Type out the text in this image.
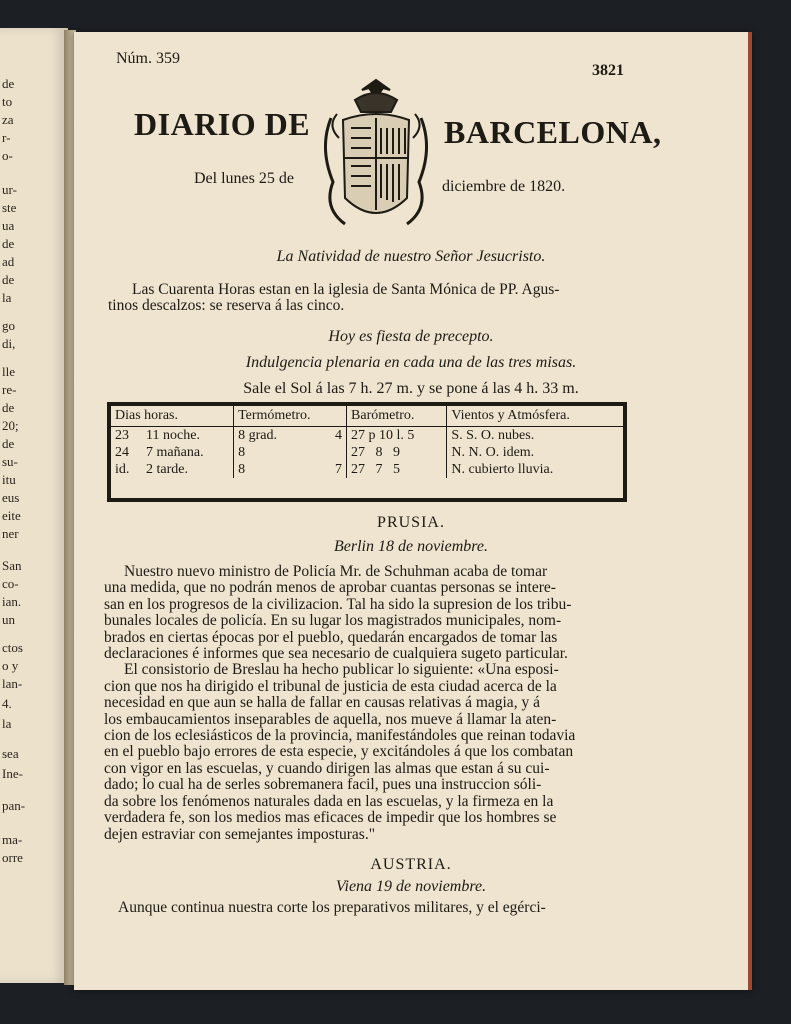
de
to
za
r-
o-
ur-
ste
ua
de
ad
de
la
go
di,
lle
re-
de
20;
de
su-
itu
eus
eite
ner
San
co-
ian.
un
ctos
o y
lan-
4.
la
sea
Ine-
pan-
ma-
orre
Núm. 359
3821
DIARIO DE	BARCELONA,
Del lunes 25 de	diciembre de 1820.
La Natividad de nuestro Señor Jesucristo.
Las Cuarenta Horas estan en la iglesia de Santa Mónica de PP. Agus-
tinos descalzos: se reserva á las cinco.
Hoy es fiesta de precepto.
Indulgencia plenaria en cada una de las tres misas.
Sale el Sol á las 7 h. 27 m. y se pone á las 4 h. 33 m.
Dias horas.		Termómetro.		Barómetro.	Vientos y Atmósfera.
23	11 noche.	8 grad.	4	27 p 10 l. 5	S. S. O. nubes.
24	7 mañana.	8		27   8   9	N. N. O. idem.
id.	2 tarde.	8	7	27   7   5	N. cubierto lluvia.
PRUSIA.
Berlin 18 de noviembre.
Nuestro nuevo ministro de Policía Mr. de Schuhman acaba de tomar
una medida, que no podrán menos de aprobar cuantas personas se intere-
san en los progresos de la civilizacion. Tal ha sido la supresion de los tribu-
bunales locales de policía. En su lugar los magistrados municipales, nom-
brados en ciertas épocas por el pueblo, quedarán encargados de tomar las
declaraciones é informes que sea necesario de cualquiera sugeto particular.
El consistorio de Breslau ha hecho publicar lo siguiente: «Una esposi-
cion que nos ha dirigido el tribunal de justicia de esta ciudad acerca de la
necesidad en que aun se halla de fallar en causas relativas á magia, y á
los embaucamientos inseparables de aquella, nos mueve á llamar la aten-
cion de los eclesiásticos de la provincia, manifestándoles que reinan todavia
en el pueblo bajo errores de esta especie, y excitándoles á que los combatan
con vigor en las escuelas, y cuando dirigen las almas que estan á su cui-
dado; lo cual ha de serles sobremanera facil, pues una instruccion sóli-
da sobre los fenómenos naturales dada en las escuelas, y la firmeza en la
verdadera fe, son los medios mas eficaces de impedir que los hombres se
dejen estraviar con semejantes imposturas."
AUSTRIA.
Viena 19 de noviembre.
Aunque continua nuestra corte los preparativos militares, y el egérci-
